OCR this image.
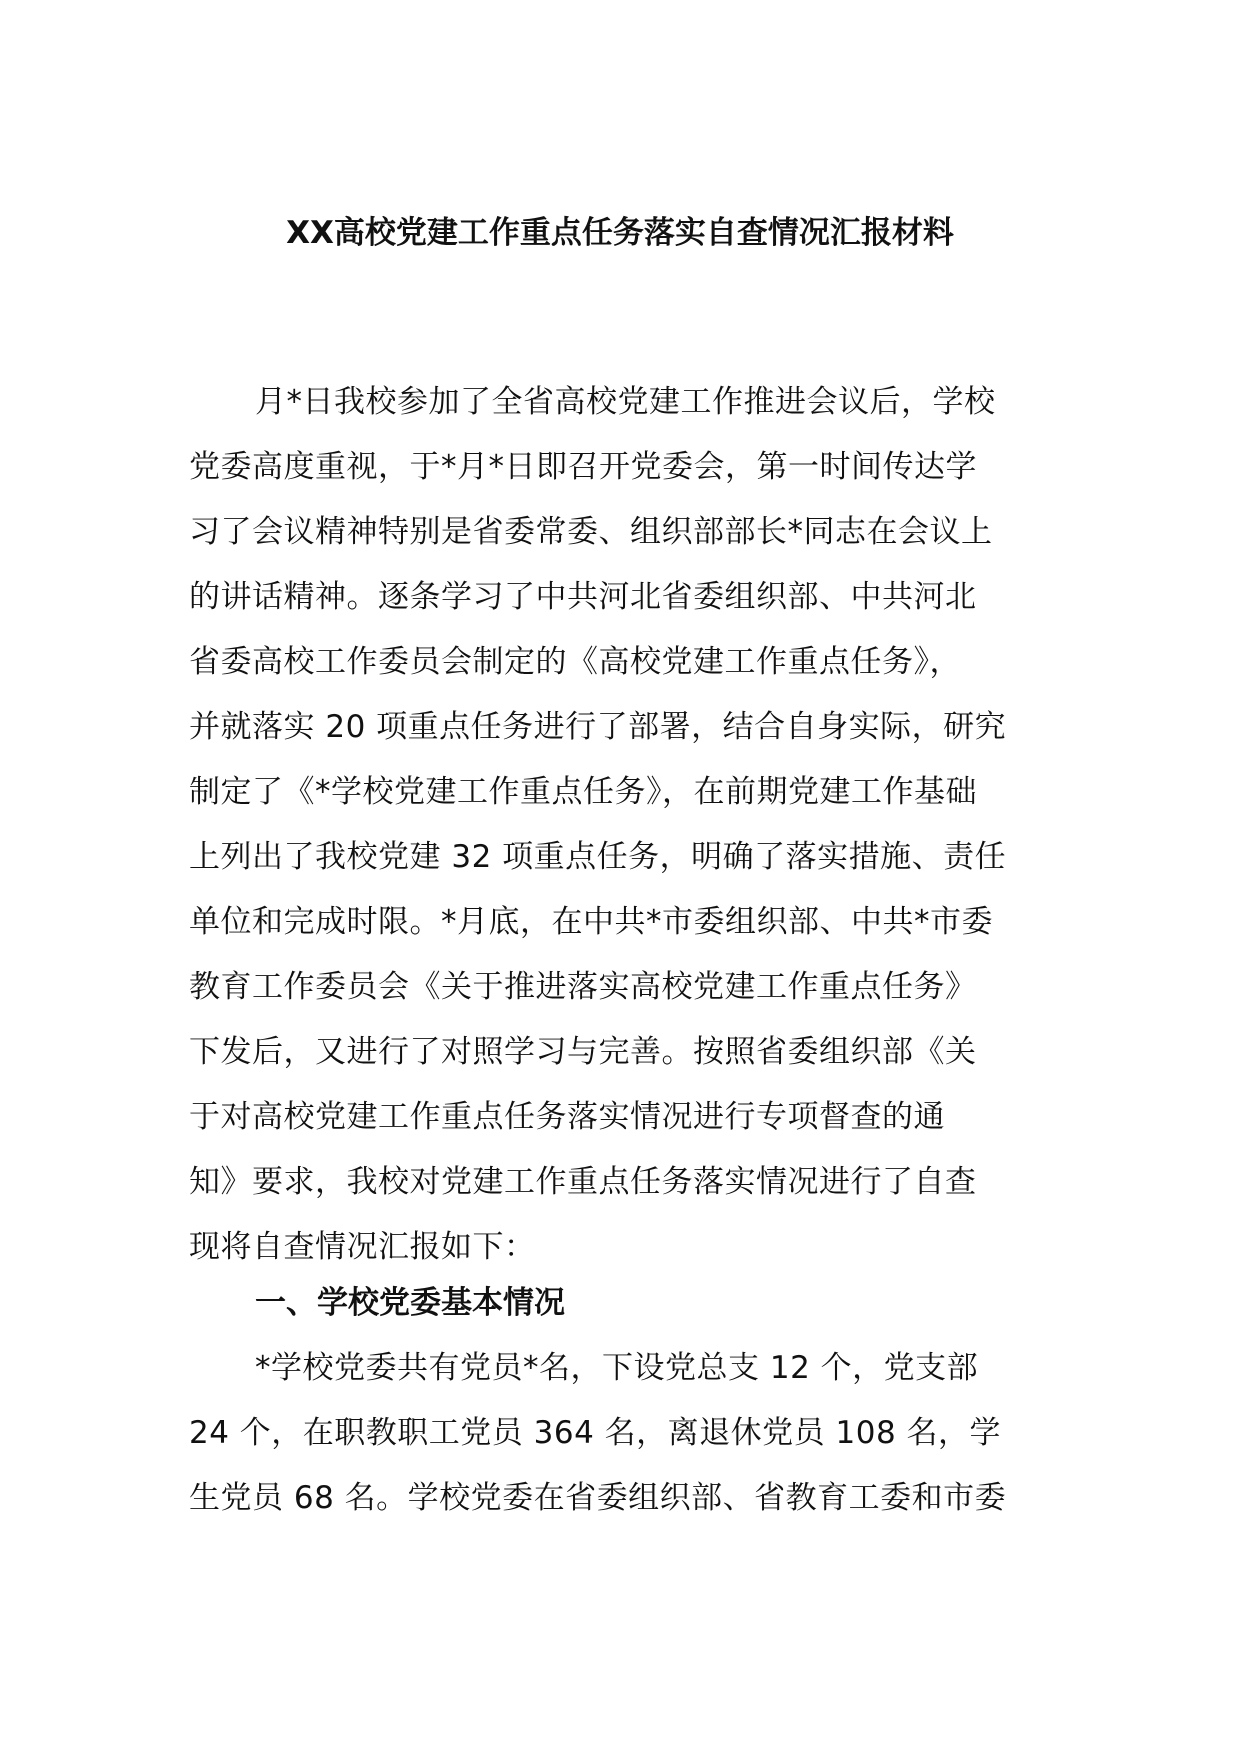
XX高校党建工作重点任务落实自查情况汇报材料
月*日我校参加了全省高校党建工作推进会议后，学校
党委高度重视，于*月*日即召开党委会，第一时间传达学
习了会议精神特别是省委常委、组织部部长*同志在会议上
的讲话精神。逐条学习了中共河北省委组织部、中共河北
省委高校工作委员会制定的《高校党建工作重点任务》，
并就落实 20 项重点任务进行了部署，结合自身实际，研究
制定了《*学校党建工作重点任务》，在前期党建工作基础
上列出了我校党建 32 项重点任务，明确了落实措施、责任
单位和完成时限。*月底，在中共*市委组织部、中共*市委
教育工作委员会《关于推进落实高校党建工作重点任务》
下发后，又进行了对照学习与完善。按照省委组织部《关
于对高校党建工作重点任务落实情况进行专项督查的通
知》要求，我校对党建工作重点任务落实情况进行了自查
现将自查情况汇报如下：
一、学校党委基本情况
*学校党委共有党员*名，下设党总支 12 个，党支部
24 个，在职教职工党员 364 名，离退休党员 108 名，学
生党员 68 名。学校党委在省委组织部、省教育工委和市委
